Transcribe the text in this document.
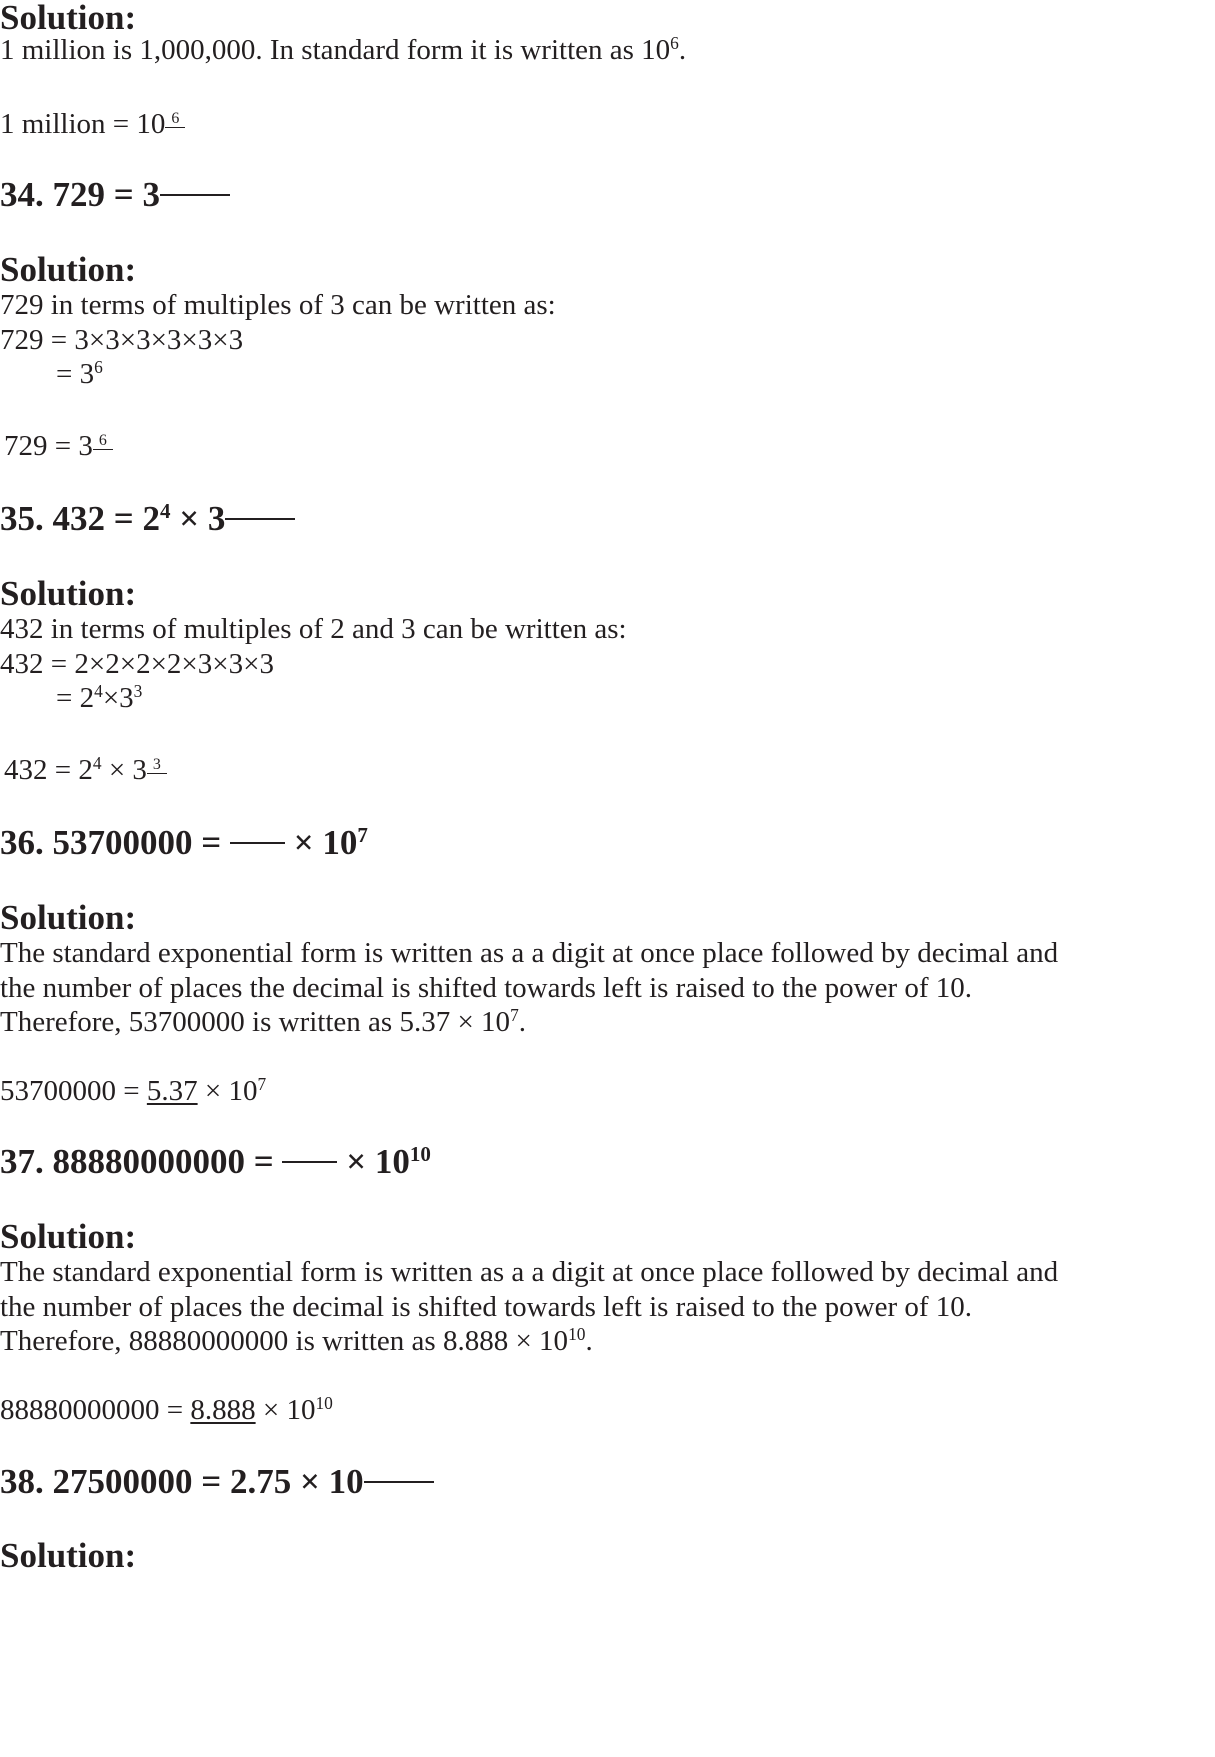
Solution:
1 million is 1,000,000. In standard form it is written as $10^6$.
1 million = 10 6
34. 729 = 3
Solution:
729 in terms of multiples of 3 can be written as:
729 = 3×3×3×3×3×3
= $3^6$
729 = 3 6
35. $432 = 2^4 \times 3$
Solution:
432 in terms of multiples of 2 and 3 can be written as:
432 = 2×2×2×2×3×3×3
= $2^4\times 3^3$
$432 = 2^4 \times 3$ 3
36. 53700000 =  × $10^7$
Solution:
The standard exponential form is written as a a digit at once place followed by decimal and
the number of places the decimal is shifted towards left is raised to the power of 10.
Therefore, 53700000 is written as $5.37 \times 10^7$.
$53700000 = 5.37 \times 10^7$
37. 88880000000 =  × $10^{10}$
Solution:
The standard exponential form is written as a a digit at once place followed by decimal and
the number of places the decimal is shifted towards left is raised to the power of 10.
Therefore, 88880000000 is written as $8.888 \times 10^{10}$.
$88880000000 = 8.888 \times 10^{10}$
38. 27500000 = 2.75 × 10
Solution:
